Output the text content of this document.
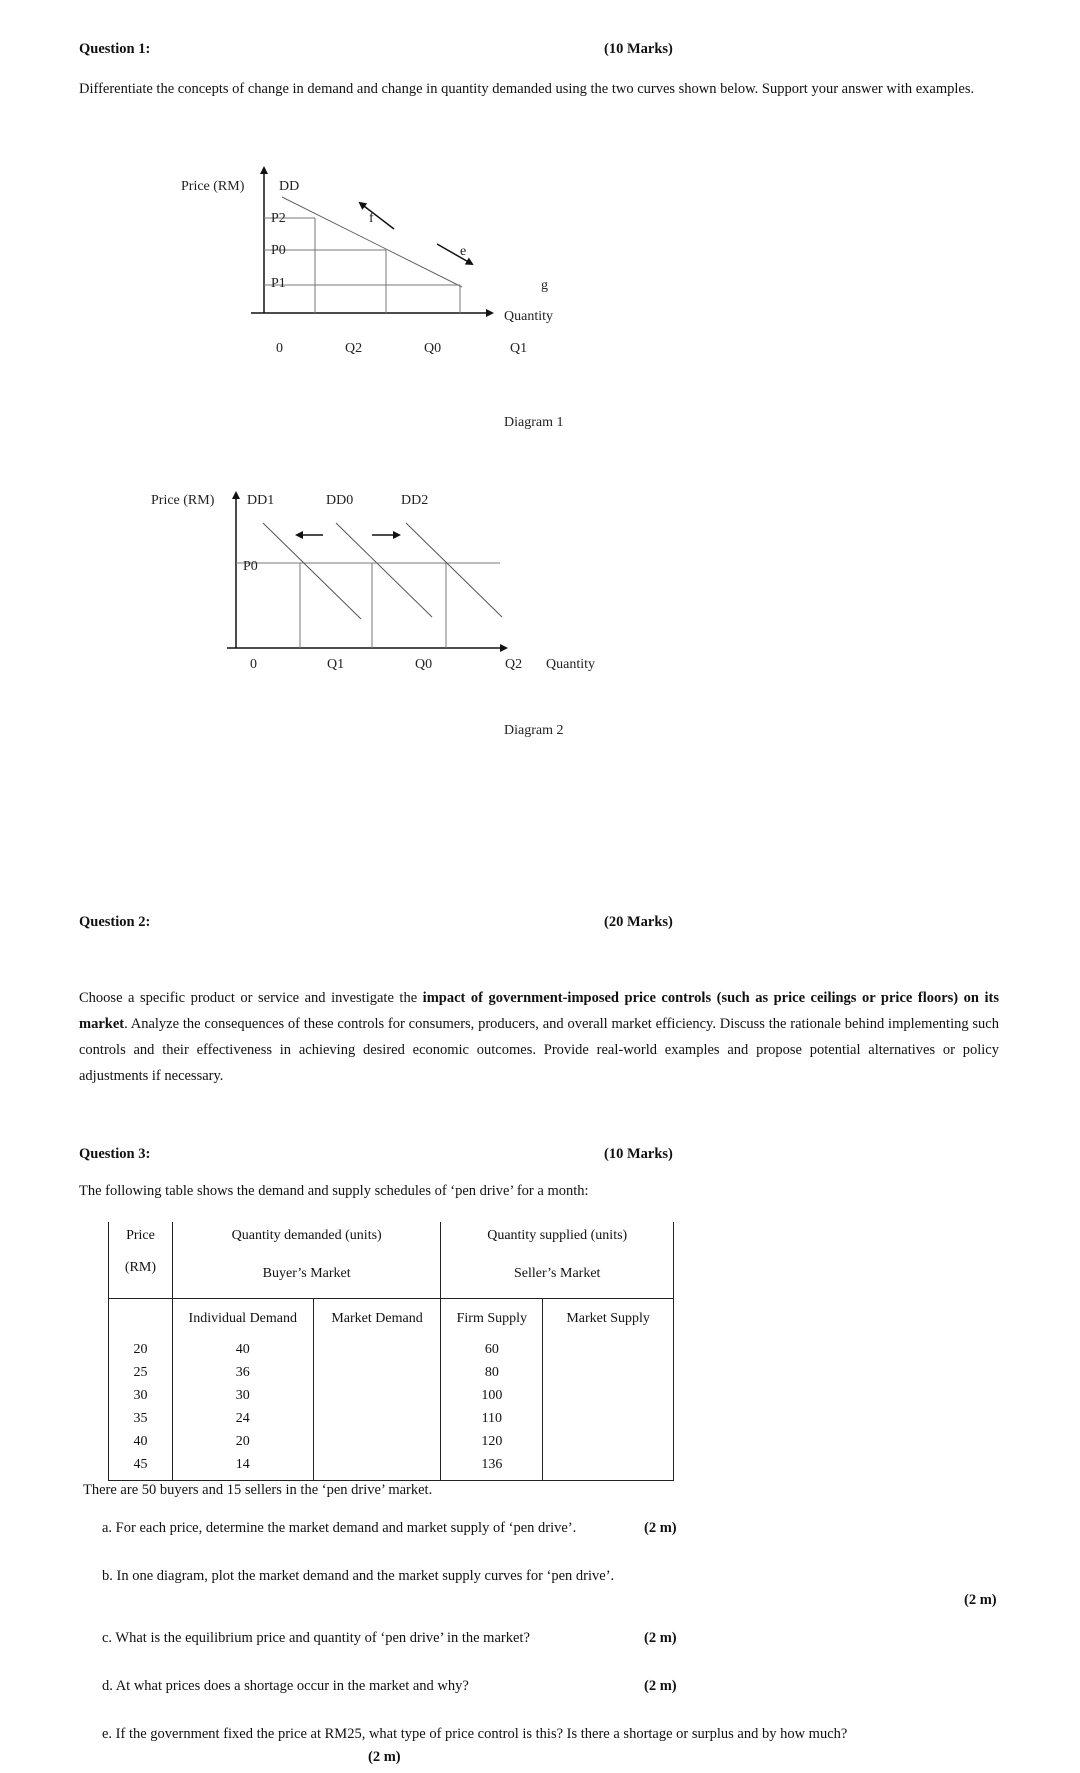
Question 1:	(10 Marks)
Differentiate the concepts of change in demand and change in quantity demanded using the two curves shown below. Support your answer with examples.
Price (RM) DD
P2
P0
P1
f
e
g
Quantity
0	Q2	Q0	Q1
Diagram 1
Price (RM) DD1	DD0	DD2
P0
0	Q1	Q0	Q2 Quantity
Diagram 2
Question 2:	(20 Marks)
Choose a specific product or service and investigate the impact of government-imposed price controls (such as price ceilings or price floors) on its market. Analyze the consequences of these controls for consumers, producers, and overall market efficiency. Discuss the rationale behind implementing such controls and their effectiveness in achieving desired economic outcomes. Provide real-world examples and propose potential alternatives or policy adjustments if necessary.
Question 3:	(10 Marks)
The following table shows the demand and supply schedules of ‘pen drive’ for a month:
Price	Quantity demanded (units)		Quantity supplied (units)	
(RM)	Buyer’s Market		Seller’s Market	
	Individual Demand	Market Demand	Firm Supply	Market Supply
20	40		60	
25	36		80	
30	30		100	
35	24		110	
40	20		120	
45	14		136	
There are 50 buyers and 15 sellers in the ‘pen drive’ market.
a. For each price, determine the market demand and market supply of ‘pen drive’.	(2 m)
b. In one diagram, plot the market demand and the market supply curves for ‘pen drive’.
(2 m)
c. What is the equilibrium price and quantity of ‘pen drive’ in the market?	(2 m)
d. At what prices does a shortage occur in the market and why?	(2 m)
e. If the government fixed the price at RM25, what type of price control is this? Is there a shortage or surplus and by how much?
(2 m)
